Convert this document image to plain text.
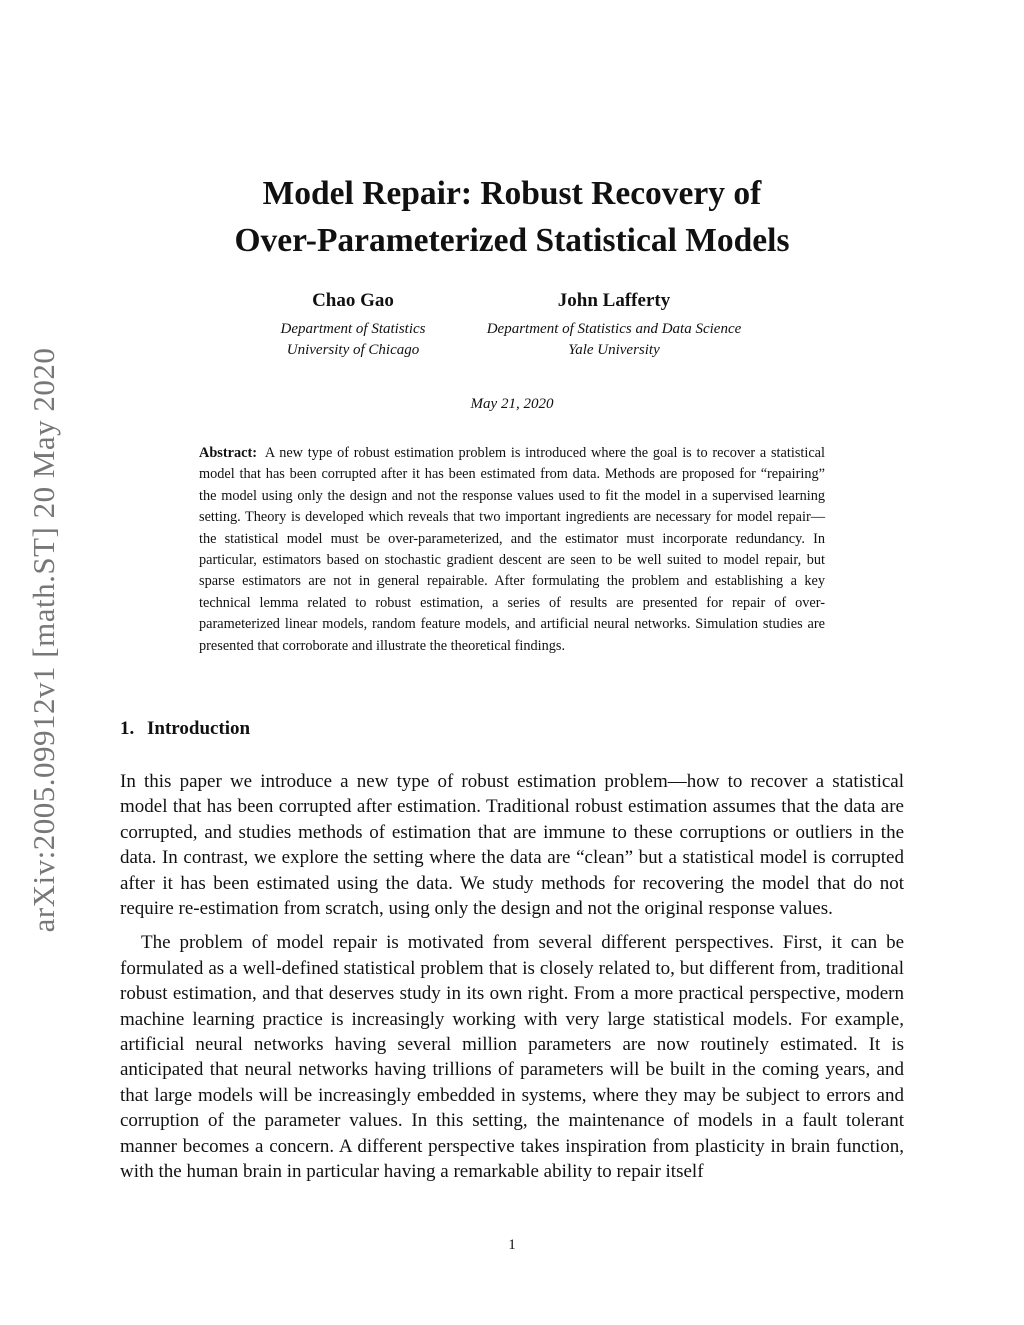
arXiv:2005.09912v1 [math.ST] 20 May 2020
Model Repair: Robust Recovery of
Over-Parameterized Statistical Models
Chao Gao
Department of Statistics
University of Chicago
John Lafferty
Department of Statistics and Data Science
Yale University
May 21, 2020
Abstract: A new type of robust estimation problem is introduced where the goal is to recover a statistical model that has been corrupted after it has been estimated from data. Methods are proposed for “repairing” the model using only the design and not the response values used to fit the model in a supervised learning setting. Theory is developed which reveals that two important ingredients are necessary for model repair—the statistical model must be over-parameterized, and the estimator must incorporate redundancy. In particular, estimators based on stochastic gradient descent are seen to be well suited to model repair, but sparse estimators are not in general repairable. After formulating the problem and establishing a key technical lemma related to robust estimation, a series of results are presented for repair of over-parameterized linear models, random feature models, and artificial neural networks. Simulation studies are presented that corroborate and illustrate the theoretical findings.
1. Introduction

In this paper we introduce a new type of robust estimation problem—how to recover a statistical model that has been corrupted after estimation. Traditional robust estimation assumes that the data are corrupted, and studies methods of estimation that are immune to these corruptions or outliers in the data. In contrast, we explore the setting where the data are “clean” but a statistical model is corrupted after it has been estimated using the data. We study methods for recovering the model that do not require re-estimation from scratch, using only the design and not the original response values.

The problem of model repair is motivated from several different perspectives. First, it can be formulated as a well-defined statistical problem that is closely related to, but different from, traditional robust estimation, and that deserves study in its own right. From a more practical perspective, modern machine learning practice is increasingly working with very large statistical models. For example, artificial neural networks having several million parameters are now routinely estimated. It is anticipated that neural networks having trillions of parameters will be built in the coming years, and that large models will be increasingly embedded in systems, where they may be subject to errors and corruption of the parameter values. In this setting, the maintenance of models in a fault tolerant manner becomes a concern. A different perspective takes inspiration from plasticity in brain function, with the human brain in particular having a remarkable ability to repair itself

1
